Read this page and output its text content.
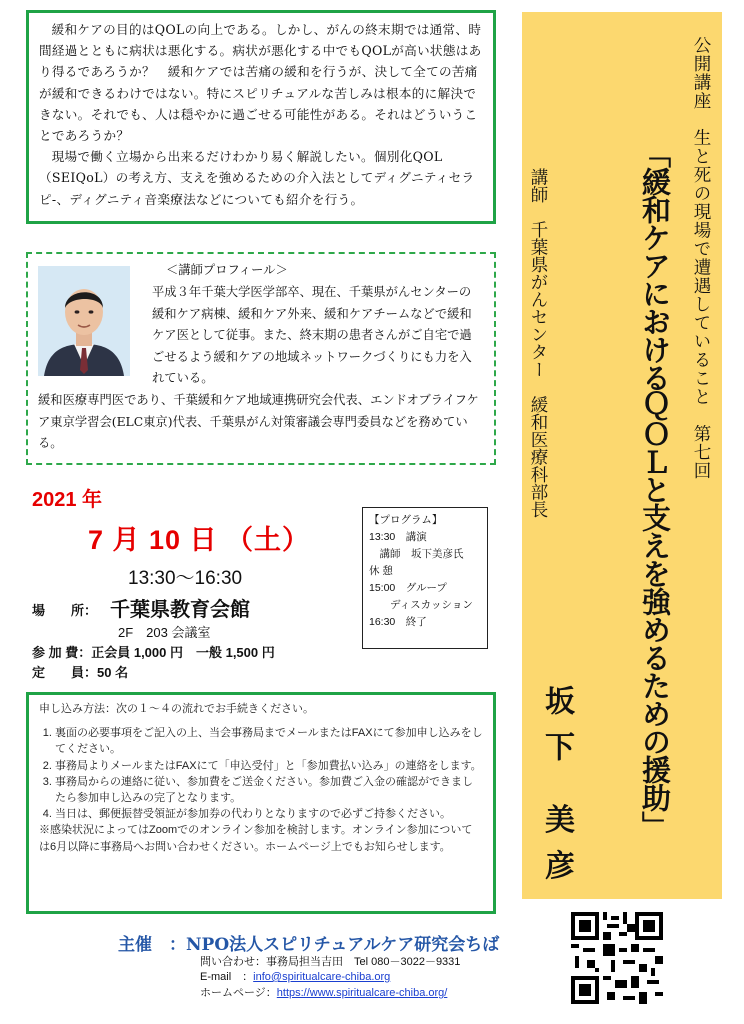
緩和ケアの目的はQOLの向上である。しかし、がんの終末期では通常、時間経過とともに病状は悪化する。病状が悪化する中でもQOLが高い状態はあり得るであろうか？　緩和ケアでは苦痛の緩和を行うが、決して全ての苦痛が緩和できるわけではない。特にスピリチュアルな苦しみは根本的に解決できない。それでも、人は穏やかに過ごせる可能性がある。それはどういうことであろうか？

現場で働く立場から出来るだけわかり易く解説したい。個別化QOL（SEIQoL）の考え方、支えを強めるための介入法としてディグニティセラピ‐、ディグニティ音楽療法などについても紹介を行う。

＜講師プロフィール＞
平成３年千葉大学医学部卒、現在、千葉県がんセンターの緩和ケア病棟、緩和ケア外来、緩和ケアチームなどで緩和ケア医として従事。また、終末期の患者さんがご自宅で過ごせるよう緩和ケアの地域ネットワークづくりにも力を入れている。
緩和医療専門医であり、千葉緩和ケア地域連携研究会代表、エンドオブライフケア東京学習会(ELC東京)代表、千葉県がん対策審議会専門委員などを務めている。
2021 年
7 月 10 日 （土）
13:30～16:30
場　　所： 千葉県教育会館
2F　203 会議室
参 加 費：正会員 1,000 円　一般 1,500 円
定　　員：50 名
【プログラム】
13:30　講演
　講師　坂下美彦氏
休 憩
15:00　グループ
　　ディスカッション
16:30　終了
申し込み方法：次の１～４の流れでお手続きください。
1. 裏面の必要事項をご記入の上、当会事務局までメールまたはFAXにて参加申し込みをしてください。
2. 事務局よりメールまたはFAXにて「申込受付」と「参加費払い込み」の連絡をします。
3. 事務局からの連絡に従い、参加費をご送金ください。参加費ご入金の確認ができましたら参加申し込みの完了となります。
4. 当日は、郵便振替受領証が参加券の代わりとなりますので必ずご持参ください。
※感染状況によってはZoomでのオンライン参加を検討します。オンライン参加については6月以降に事務局へお問い合わせください。ホームページ上でもお知らせします。
主催　：NPO法人スピリチュアルケア研究会ちば
問い合わせ：事務局担当吉田　Tel 080－3022－9331
E-mail　：info@spiritualcare-chiba.org
ホームページ：https://www.spiritualcare-chiba.org/
公開講座　生と死の現場で遭遇していること　第七回
「緩和ケアにおけるＱＯＬと支えを強めるための援助」
講師　千葉県がんセンター　緩和医療科部長
坂下 美彦
